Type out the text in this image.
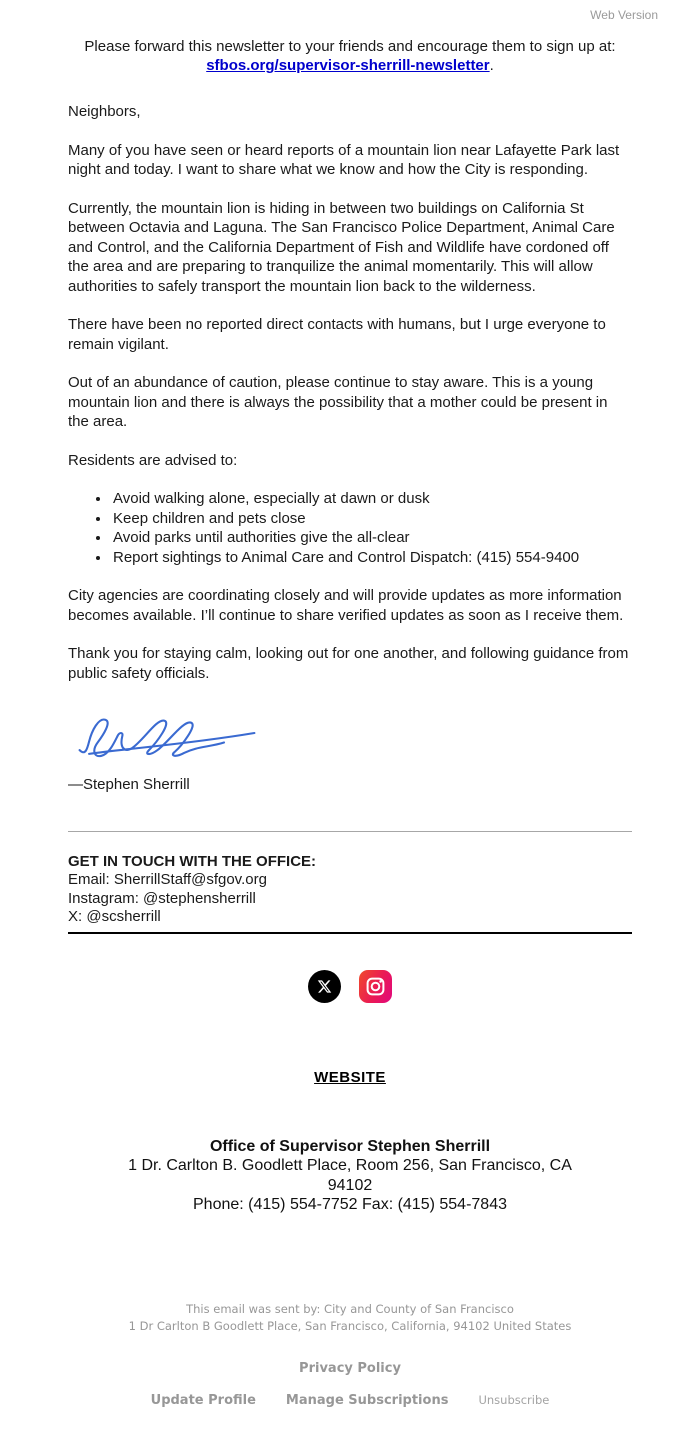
Web Version
Please forward this newsletter to your friends and encourage them to sign up at:
sfbos.org/supervisor-sherrill-newsletter.

Neighbors,

Many of you have seen or heard reports of a mountain lion near Lafayette Park last night and today. I want to share what we know and how the City is responding.

Currently, the mountain lion is hiding in between two buildings on California St between Octavia and Laguna. The San Francisco Police Department, Animal Care and Control, and the California Department of Fish and Wildlife have cordoned off the area and are preparing to tranquilize the animal momentarily. This will allow authorities to safely transport the mountain lion back to the wilderness.

There have been no reported direct contacts with humans, but I urge everyone to remain vigilant.

Out of an abundance of caution, please continue to stay aware. This is a young mountain lion and there is always the possibility that a mother could be present in the area.

Residents are advised to:

• Avoid walking alone, especially at dawn or dusk
• Keep children and pets close
• Avoid parks until authorities give the all-clear
• Report sightings to Animal Care and Control Dispatch: (415) 554-9400

City agencies are coordinating closely and will provide updates as more information becomes available. I’ll continue to share verified updates as soon as I receive them.

Thank you for staying calm, looking out for one another, and following guidance from public safety officials.

—Stephen Sherrill

GET IN TOUCH WITH THE OFFICE:
Email: SherrillStaff@sfgov.org
Instagram: @stephensherrill
X: @scsherrill
WEBSITE
Office of Supervisor Stephen Sherrill
1 Dr. Carlton B. Goodlett Place, Room 256, San Francisco, CA
94102
Phone: (415) 554-7752 Fax: (415) 554-7843
This email was sent by: City and County of San Francisco
1 Dr Carlton B Goodlett Place, San Francisco, California, 94102 United States
Privacy Policy
Update Profile Manage Subscriptions	Unsubscribe
